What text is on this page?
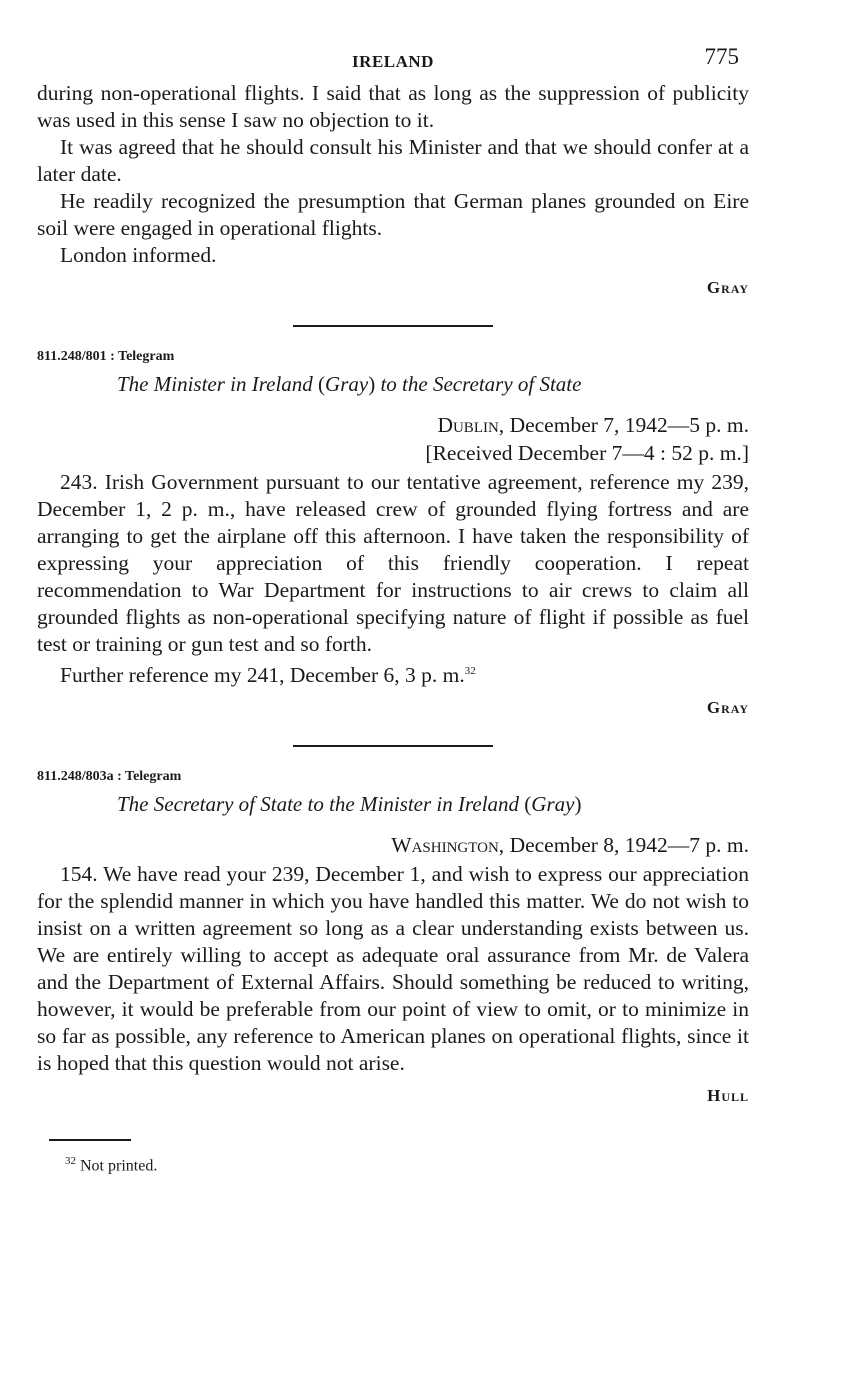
IRELAND	775

during non-operational flights. I said that as long as the suppression of publicity was used in this sense I saw no objection to it.

It was agreed that he should consult his Minister and that we should confer at a later date.

He readily recognized the presumption that German planes grounded on Eire soil were engaged in operational flights.

London informed.

Gray
811.248/801 : Telegram
The Minister in Ireland (Gray) to the Secretary of State
Dublin, December 7, 1942—5 p. m.
[Received December 7—4 : 52 p. m.]

243. Irish Government pursuant to our tentative agreement, reference my 239, December 1, 2 p. m., have released crew of grounded flying fortress and are arranging to get the airplane off this afternoon. I have taken the responsibility of expressing your appreciation of this friendly cooperation. I repeat recommendation to War Department for instructions to air crews to claim all grounded flights as non-operational specifying nature of flight if possible as fuel test or training or gun test and so forth.

Further reference my 241, December 6, 3 p. m.$^{32}$

Gray
811.248/803a : Telegram
The Secretary of State to the Minister in Ireland (Gray)
Washington, December 8, 1942—7 p. m.

154. We have read your 239, December 1, and wish to express our appreciation for the splendid manner in which you have handled this matter. We do not wish to insist on a written agreement so long as a clear understanding exists between us. We are entirely willing to accept as adequate oral assurance from Mr. de Valera and the Department of External Affairs. Should something be reduced to writing, however, it would be preferable from our point of view to omit, or to minimize in so far as possible, any reference to American planes on operational flights, since it is hoped that this question would not arise.

Hull
$^{32}$ Not printed.
